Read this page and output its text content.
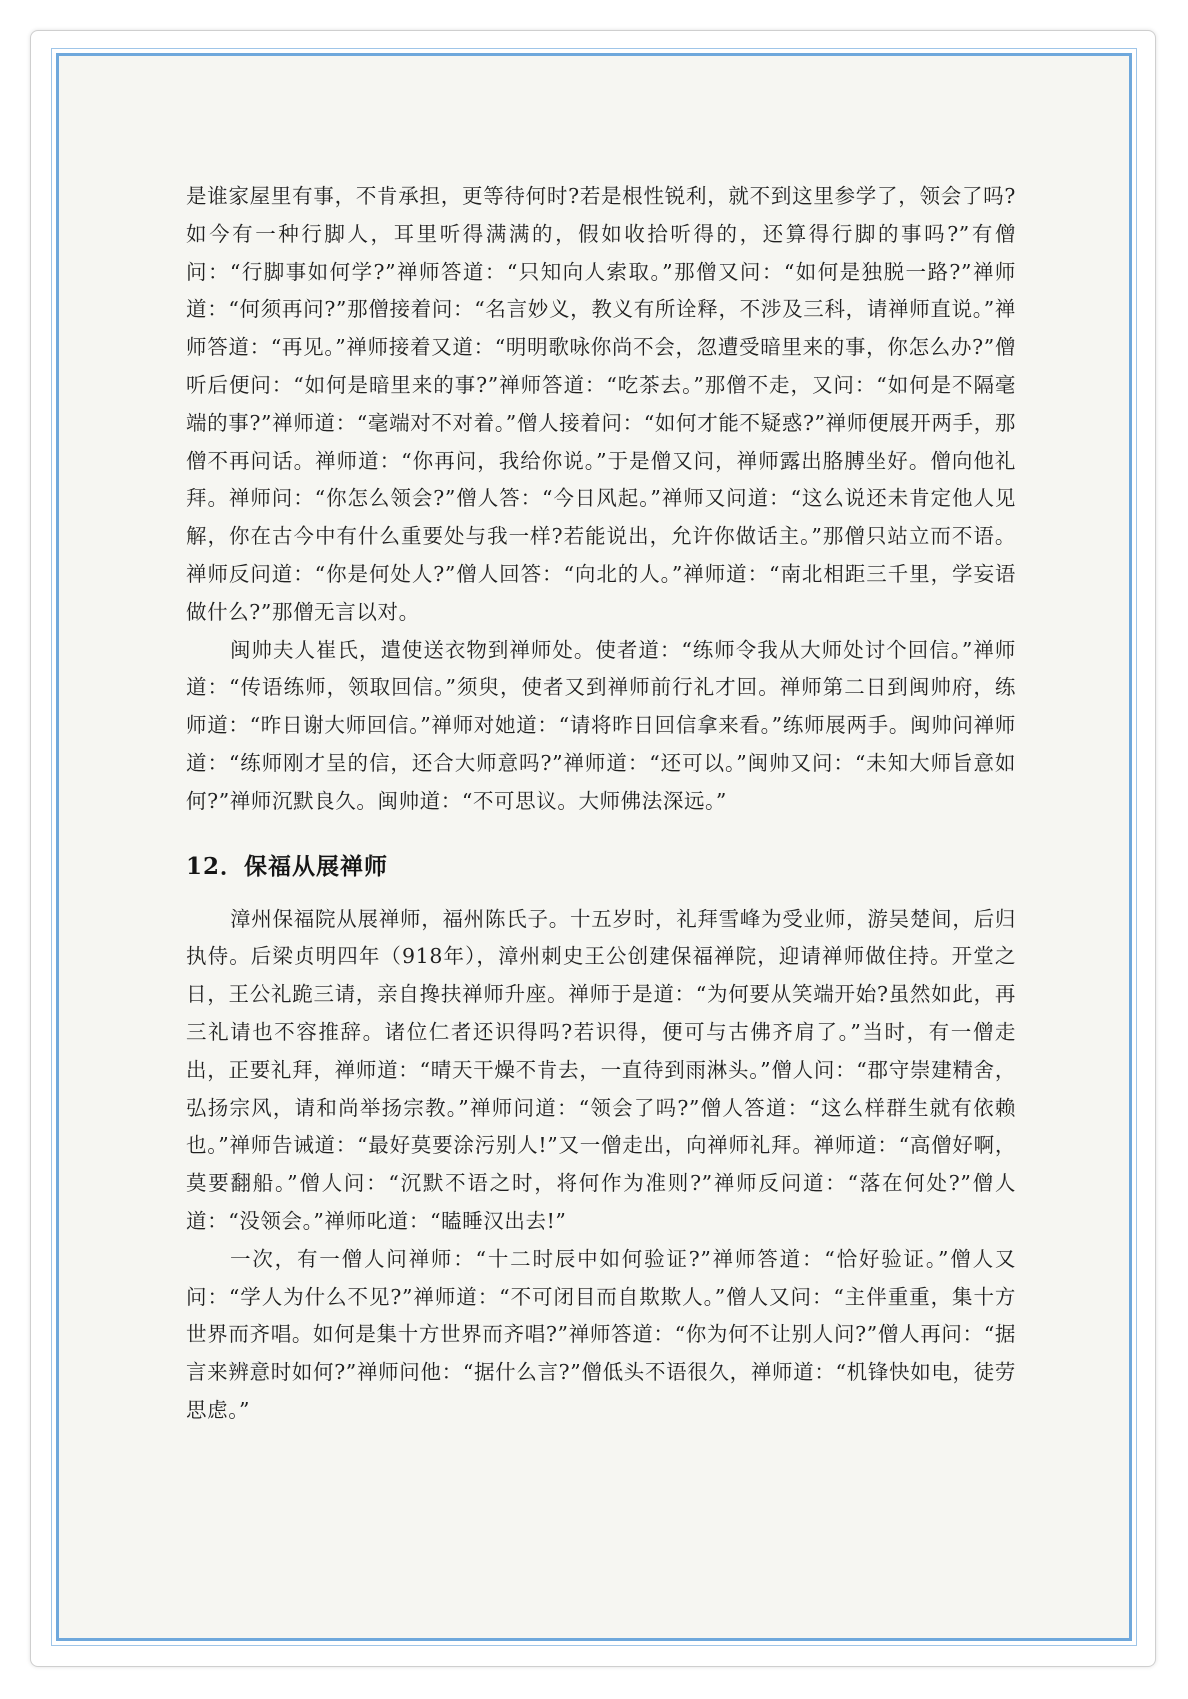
是谁家屋里有事，不肯承担，更等待何时?若是根性锐利，就不到这里参学了，领会了吗?如今有一种行脚人，耳里听得满满的，假如收拾听得的，还算得行脚的事吗?”有僧问：“行脚事如何学?”禅师答道：“只知向人索取。”那僧又问：“如何是独脱一路?”禅师道：“何须再问?”那僧接着问：“名言妙义，教义有所诠释，不涉及三科，请禅师直说。”禅师答道：“再见。”禅师接着又道：“明明歌咏你尚不会，忽遭受暗里来的事，你怎么办?”僧听后便问：“如何是暗里来的事?”禅师答道：“吃茶去。”那僧不走，又问：“如何是不隔毫端的事?”禅师道：“毫端对不对着。”僧人接着问：“如何才能不疑惑?”禅师便展开两手，那僧不再问话。禅师道：“你再问，我给你说。”于是僧又问，禅师露出胳膊坐好。僧向他礼拜。禅师问：“你怎么领会?”僧人答：“今日风起。”禅师又问道：“这么说还未肯定他人见解，你在古今中有什么重要处与我一样?若能说出，允许你做话主。”那僧只站立而不语。禅师反问道：“你是何处人?”僧人回答：“向北的人。”禅师道：“南北相距三千里，学妄语做什么?”那僧无言以对。

闽帅夫人崔氏，遣使送衣物到禅师处。使者道：“练师令我从大师处讨个回信。”禅师道：“传语练师，领取回信。”须臾，使者又到禅师前行礼才回。禅师第二日到闽帅府，练师道：“昨日谢大师回信。”禅师对她道：“请将昨日回信拿来看。”练师展两手。闽帅问禅师道：“练师刚才呈的信，还合大师意吗?”禅师道：“还可以。”闽帅又问：“未知大师旨意如何?”禅师沉默良久。闽帅道：“不可思议。大师佛法深远。”

12．保福从展禅师

漳州保福院从展禅师，福州陈氏子。十五岁时，礼拜雪峰为受业师，游吴楚间，后归执侍。后梁贞明四年（918年），漳州刺史王公创建保福禅院，迎请禅师做住持。开堂之日，王公礼跪三请，亲自搀扶禅师升座。禅师于是道：“为何要从笑端开始?虽然如此，再三礼请也不容推辞。诸位仁者还识得吗?若识得，便可与古佛齐肩了。”当时，有一僧走出，正要礼拜，禅师道：“晴天干燥不肯去，一直待到雨淋头。”僧人问：“郡守崇建精舍，弘扬宗风，请和尚举扬宗教。”禅师问道：“领会了吗?”僧人答道：“这么样群生就有依赖也。”禅师告诫道：“最好莫要涂污别人!”又一僧走出，向禅师礼拜。禅师道：“高僧好啊，莫要翻船。”僧人问：“沉默不语之时，将何作为准则?”禅师反问道：“落在何处?”僧人道：“没领会。”禅师叱道：“瞌睡汉出去!”

一次，有一僧人问禅师：“十二时辰中如何验证?”禅师答道：“恰好验证。”僧人又问：“学人为什么不见?”禅师道：“不可闭目而自欺欺人。”僧人又问：“主伴重重，集十方世界而齐唱。如何是集十方世界而齐唱?”禅师答道：“你为何不让别人问?”僧人再问：“据言来辨意时如何?”禅师问他：“据什么言?”僧低头不语很久，禅师道：“机锋快如电，徒劳思虑。”
